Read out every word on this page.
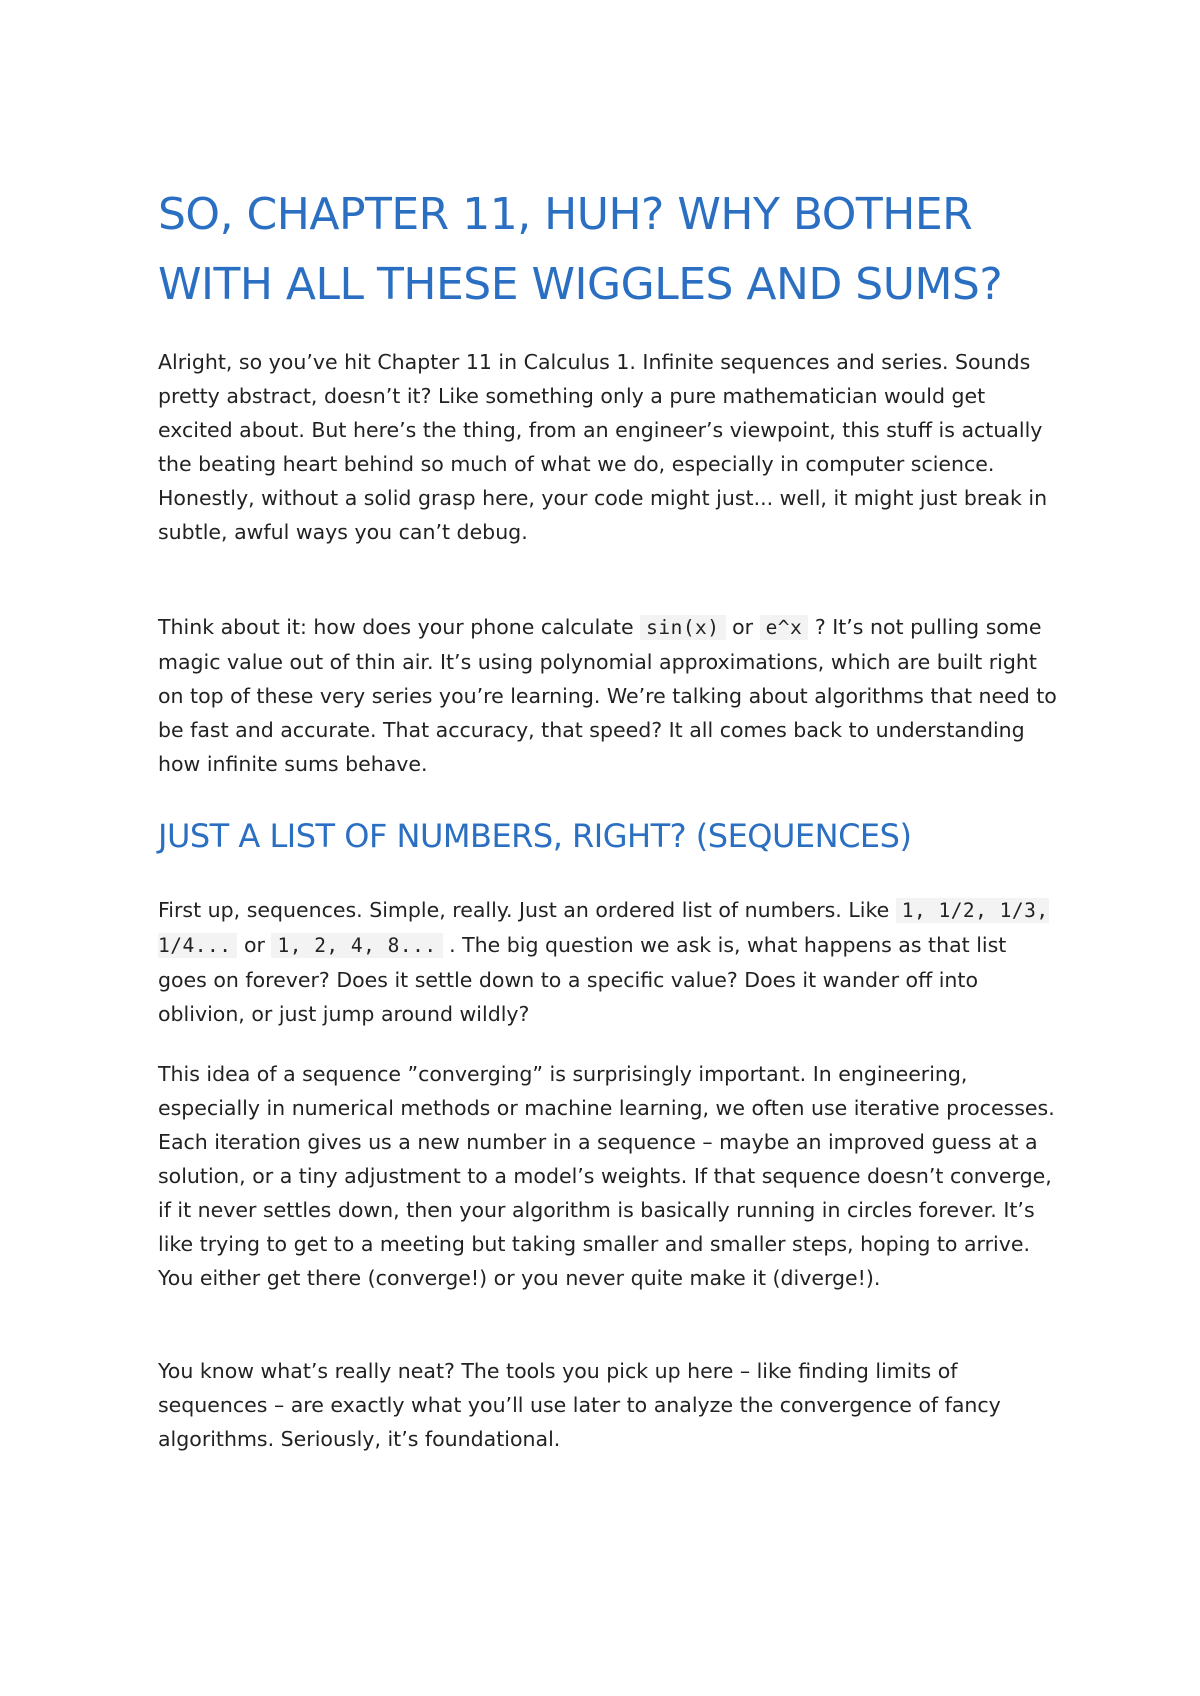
SO, CHAPTER 11, HUH? WHY BOTHER WITH ALL THESE WIGGLES AND SUMS?

Alright, so you’ve hit Chapter 11 in Calculus 1. Infinite sequences and series. Sounds pretty abstract, doesn’t it? Like something only a pure mathematician would get excited about. But here’s the thing, from an engineer’s viewpoint, this stuff is actually the beating heart behind so much of what we do, especially in computer science. Honestly, without a solid grasp here, your code might just... well, it might just break in subtle, awful ways you can’t debug.

Think about it: how does your phone calculate sin(x) or e^x ? It’s not pulling some magic value out of thin air. It’s using polynomial approximations, which are built right on top of these very series you’re learning. We’re talking about algorithms that need to be fast and accurate. That accuracy, that speed? It all comes back to understanding how infinite sums behave.

JUST A LIST OF NUMBERS, RIGHT? (SEQUENCES)

First up, sequences. Simple, really. Just an ordered list of numbers. Like 1, 1/2, 1/3, 1/4... or 1, 2, 4, 8... . The big question we ask is, what happens as that list goes on forever? Does it settle down to a specific value? Does it wander off into oblivion, or just jump around wildly?

This idea of a sequence ”converging” is surprisingly important. In engineering, especially in numerical methods or machine learning, we often use iterative processes. Each iteration gives us a new number in a sequence – maybe an improved guess at a solution, or a tiny adjustment to a model’s weights. If that sequence doesn’t converge, if it never settles down, then your algorithm is basically running in circles forever. It’s like trying to get to a meeting but taking smaller and smaller steps, hoping to arrive. You either get there (converge!) or you never quite make it (diverge!).

You know what’s really neat? The tools you pick up here – like finding limits of sequences – are exactly what you’ll use later to analyze the convergence of fancy algorithms. Seriously, it’s foundational.
